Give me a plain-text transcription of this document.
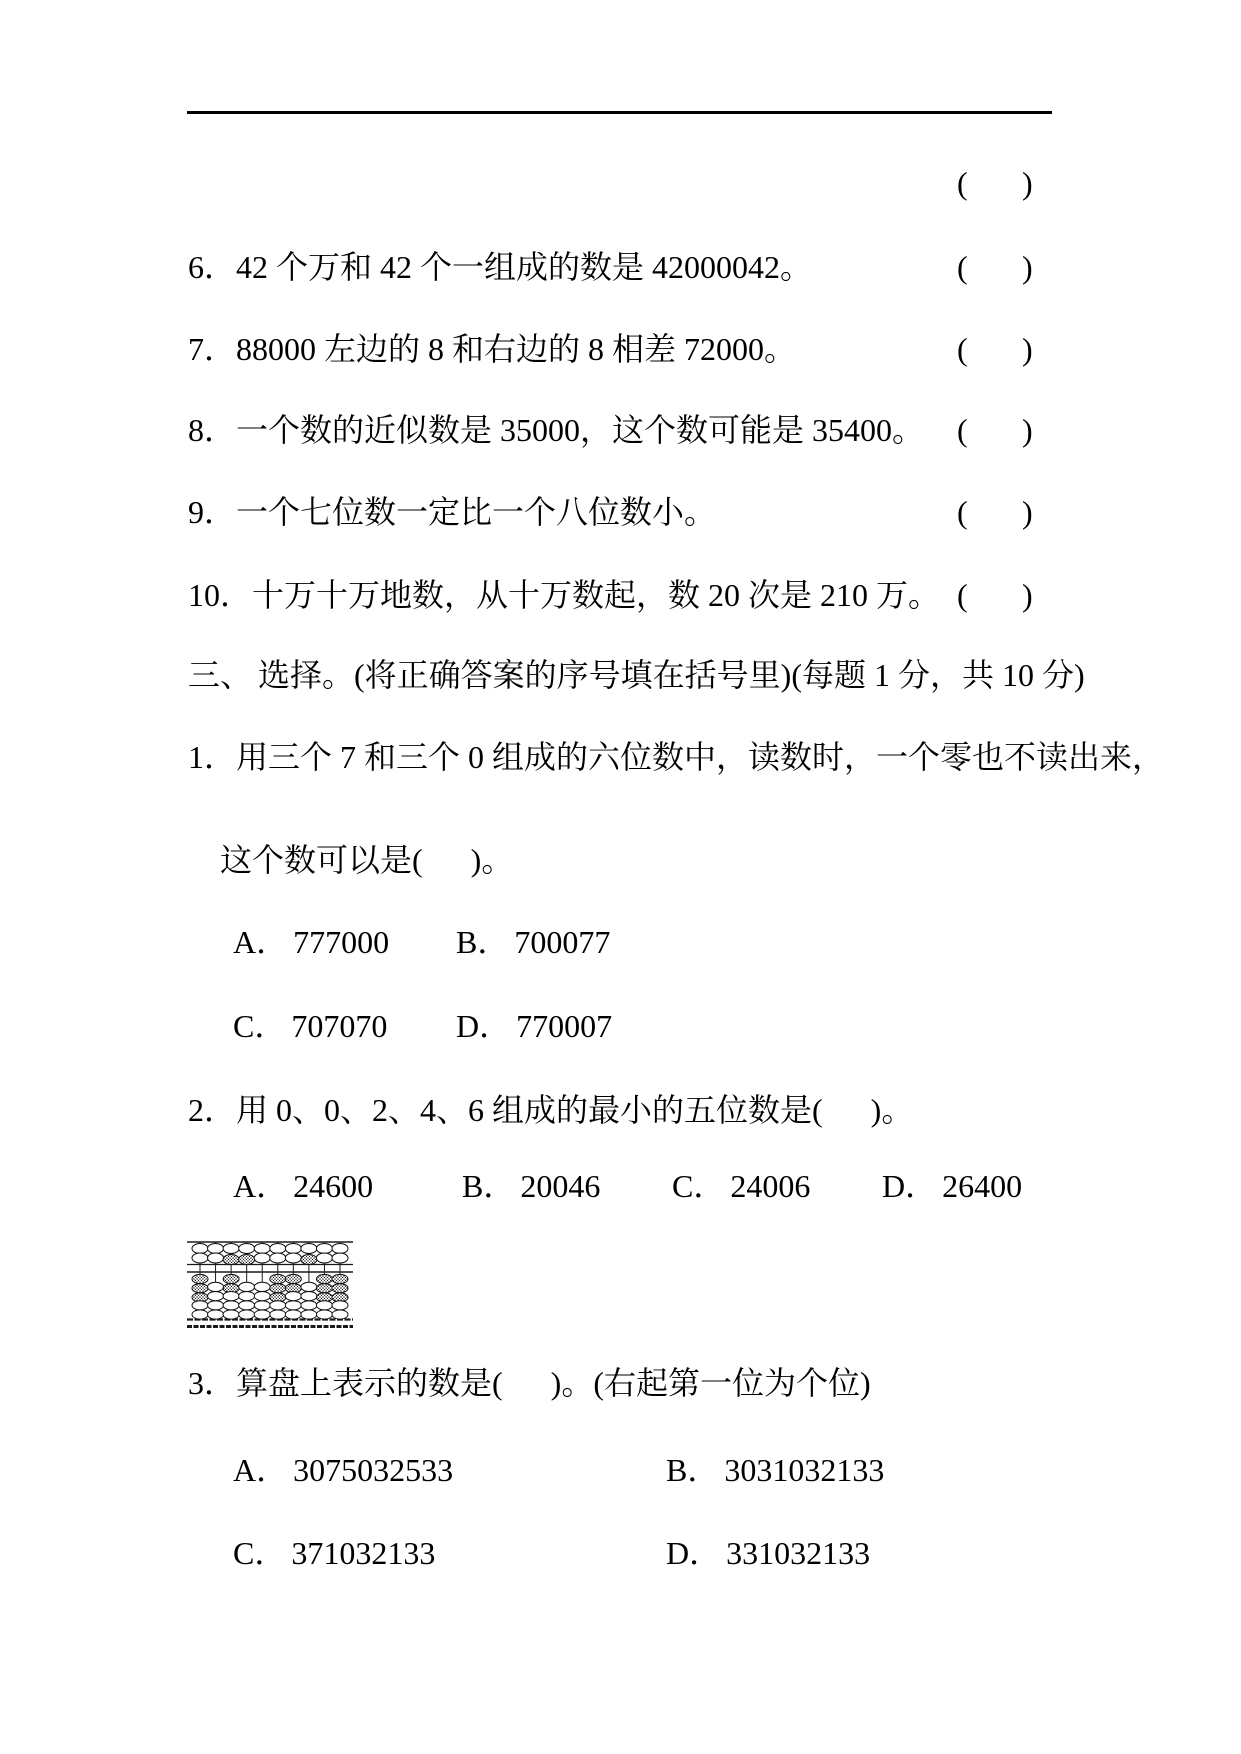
( )
6．42 个万和 42 个一组成的数是 42000042。	( )
7．88000 左边的 8 和右边的 8 相差 72000。	( )
8．一个数的近似数是 35000，这个数可能是 35400。 ( )
9．一个七位数一定比一个八位数小。	( )
10．十万十万地数，从十万数起，数 20 次是 210 万。 ( )
三、 选择。(将正确答案的序号填在括号里)(每题 1 分，共 10 分)
1．用三个 7 和三个 0 组成的六位数中，读数时，一个零也不读出来，
这个数可以是(      )。
A． 777000 B． 700077
C． 707070 D． 770007
2．用 0、0、2、4、6 组成的最小的五位数是(      )。
A． 24600	B． 20046 C． 24006 D． 26400
3．算盘上表示的数是(      )。(右起第一位为个位)
A． 3075032533	B． 3031032133
C． 371032133	D． 331032133
